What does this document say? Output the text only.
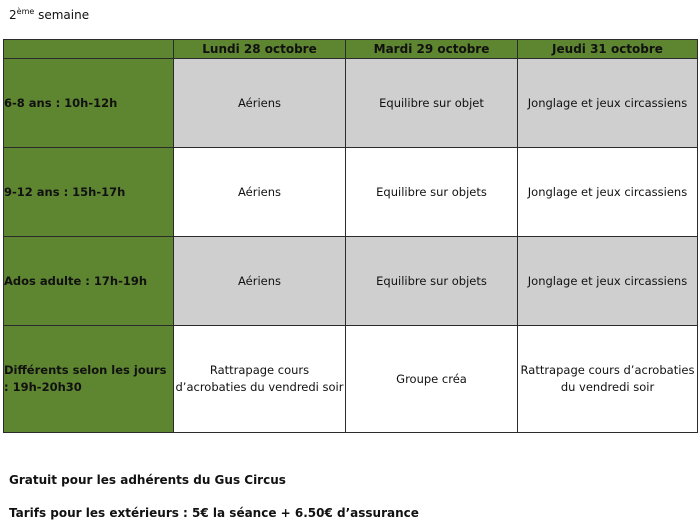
2ème semaine
	Lundi 28 octobre	Mardi 29 octobre	Jeudi 31 octobre
6-8 ans : 10h-12h	Aériens	Equilibre sur objet	Jonglage et jeux circassiens
9-12 ans : 15h-17h	Aériens	Equilibre sur objets	Jonglage et jeux circassiens
Ados adulte : 17h-19h	Aériens	Equilibre sur objets	Jonglage et jeux circassiens
Différents selon les jours : 19h-20h30	Rattrapage cours d’acrobaties du vendredi soir	Groupe créa	Rattrapage cours d’acrobaties du vendredi soir
Gratuit pour les adhérents du Gus Circus
Tarifs pour les extérieurs : 5€ la séance + 6.50€ d’assurance
